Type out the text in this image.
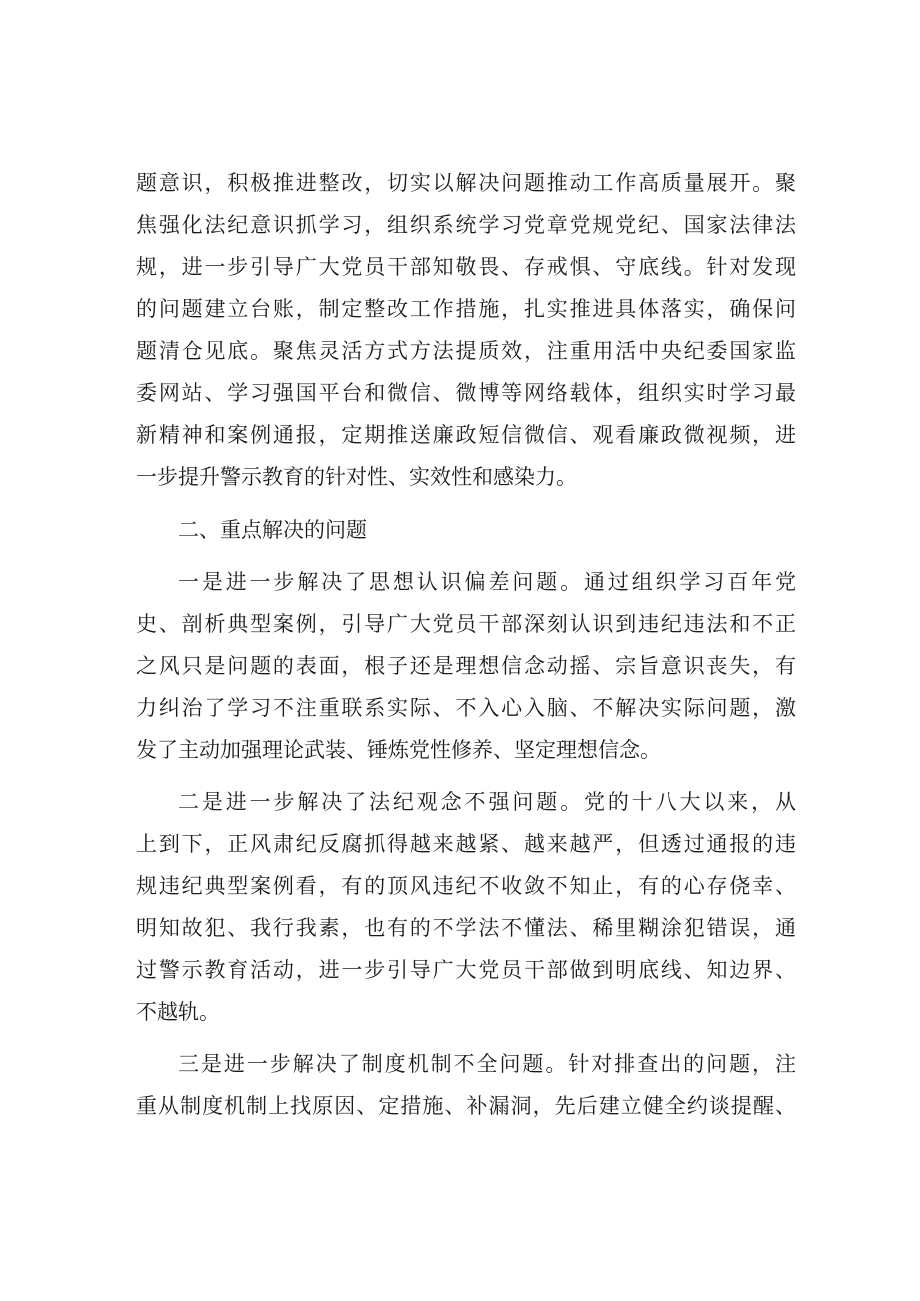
题意识，积极推进整改，切实以解决问题推动工作高质量展开。聚
焦强化法纪意识抓学习，组织系统学习党章党规党纪、国家法律法
规，进一步引导广大党员干部知敬畏、存戒惧、守底线。针对发现
的问题建立台账，制定整改工作措施，扎实推进具体落实，确保问
题清仓见底。聚焦灵活方式方法提质效，注重用活中央纪委国家监
委网站、学习强国平台和微信、微博等网络载体，组织实时学习最
新精神和案例通报，定期推送廉政短信微信、观看廉政微视频，进
一步提升警示教育的针对性、实效性和感染力。
二、重点解决的问题
一是进一步解决了思想认识偏差问题。通过组织学习百年党
史、剖析典型案例，引导广大党员干部深刻认识到违纪违法和不正
之风只是问题的表面，根子还是理想信念动摇、宗旨意识丧失，有
力纠治了学习不注重联系实际、不入心入脑、不解决实际问题，激
发了主动加强理论武装、锤炼党性修养、坚定理想信念。
二是进一步解决了法纪观念不强问题。党的十八大以来，从
上到下，正风肃纪反腐抓得越来越紧、越来越严，但透过通报的违
规违纪典型案例看，有的顶风违纪不收敛不知止，有的心存侥幸、
明知故犯、我行我素，也有的不学法不懂法、稀里糊涂犯错误，通
过警示教育活动，进一步引导广大党员干部做到明底线、知边界、
不越轨。
三是进一步解决了制度机制不全问题。针对排查出的问题，注
重从制度机制上找原因、定措施、补漏洞，先后建立健全约谈提醒、
